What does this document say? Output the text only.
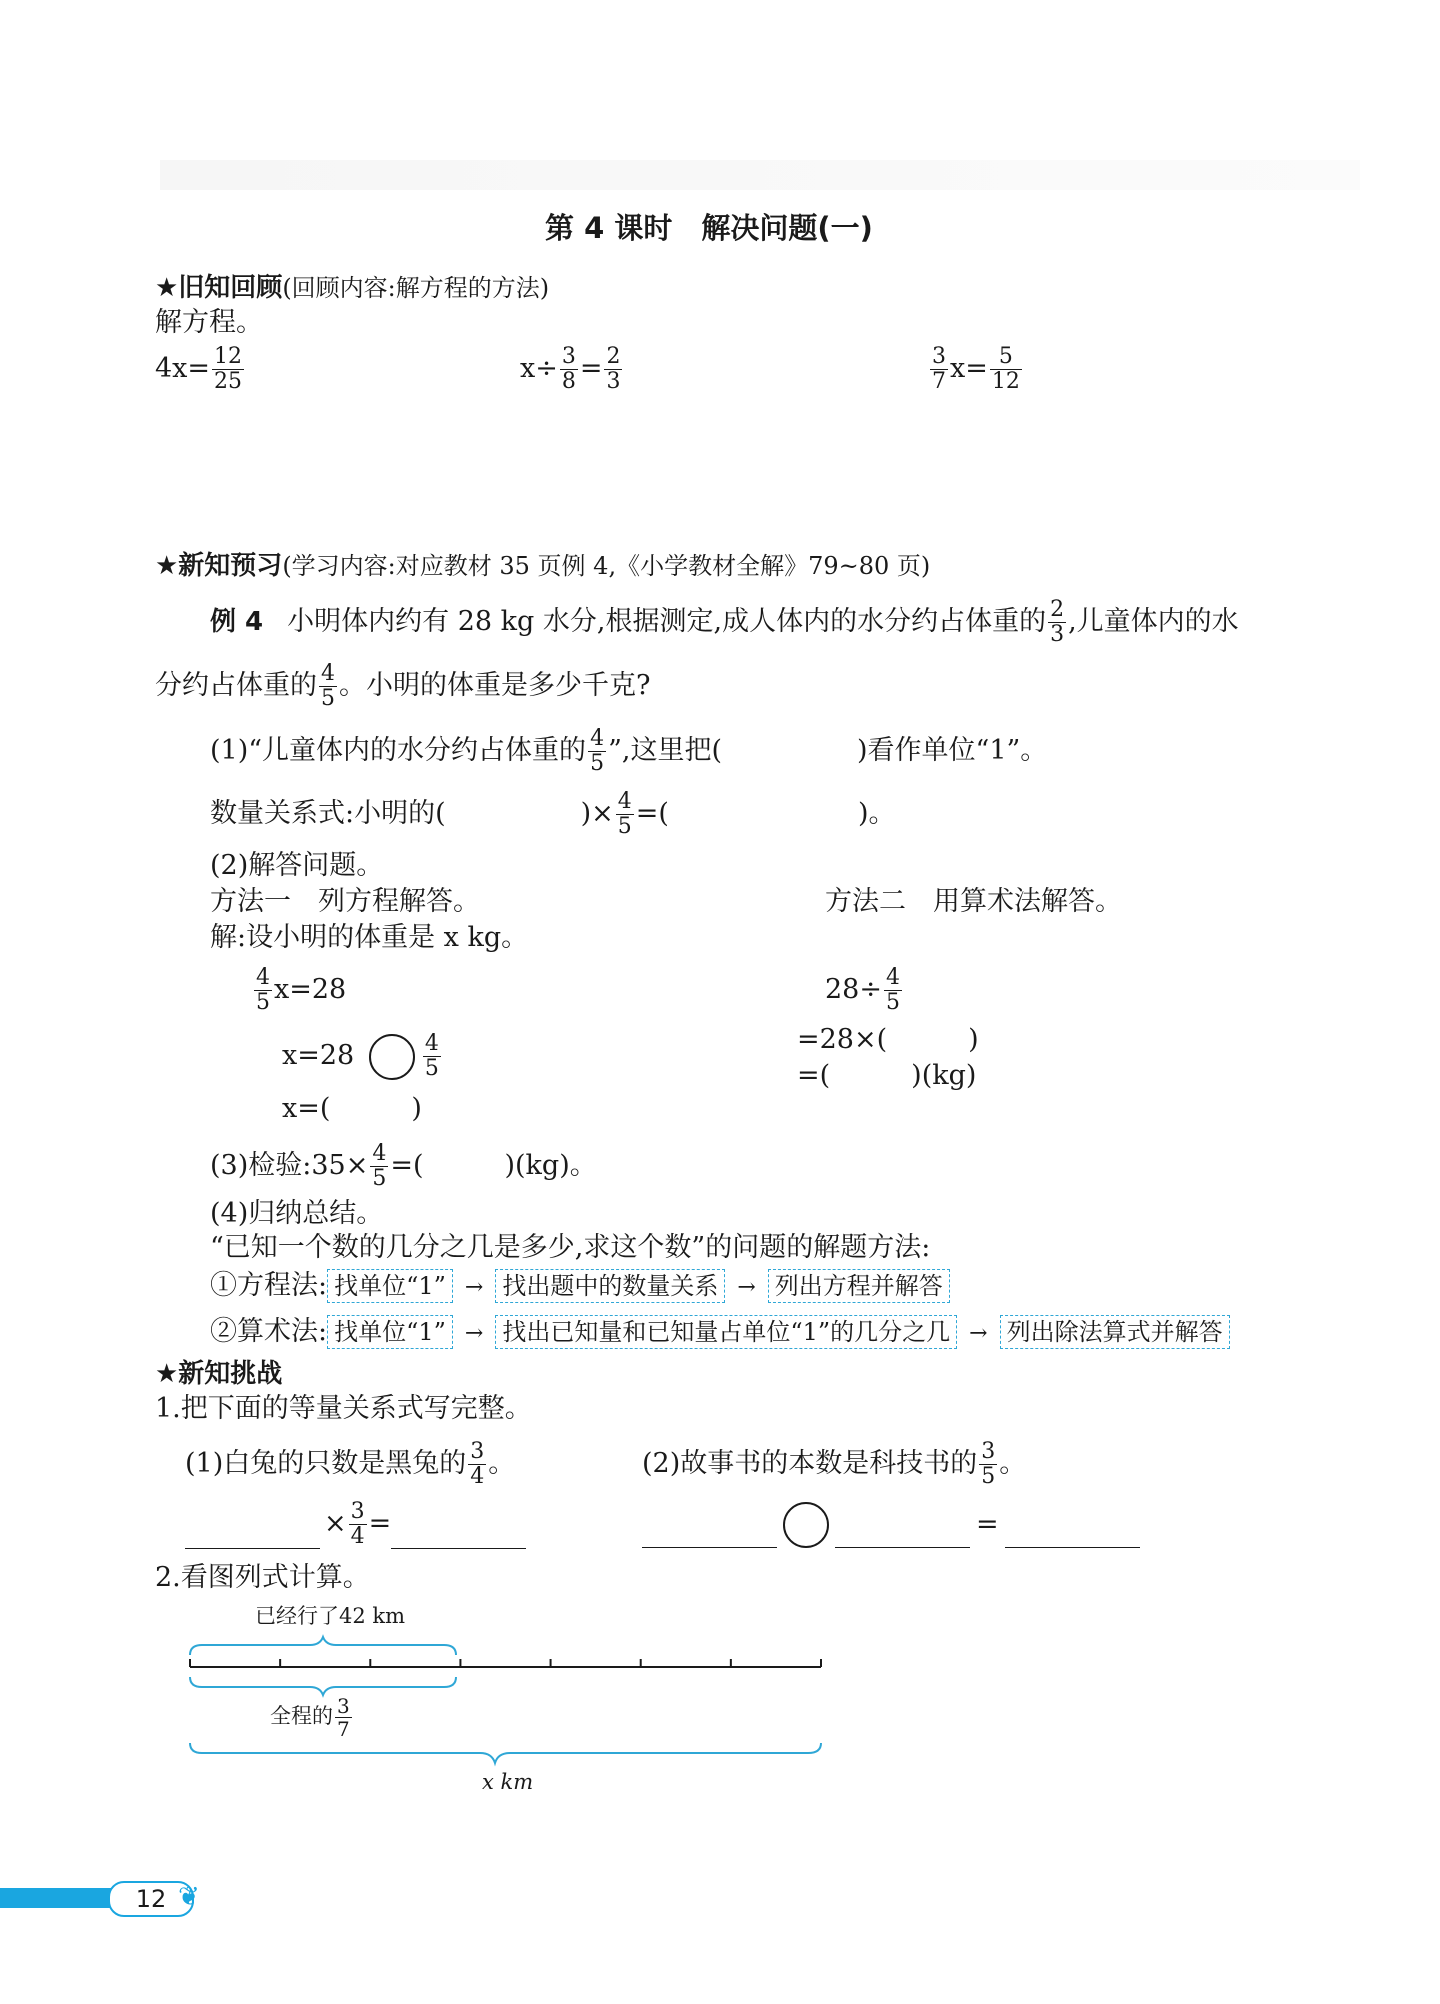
第 4 课时　解决问题(一)
★旧知回顾(回顾内容:解方程的方法)
解方程。
$4x= \frac{12}{25}$	$x\div \frac{3}{8} = \frac{2}{3}$	$\frac{3}{7} x= \frac{5}{12}$
★新知预习(学习内容:对应教材 35 页例 4,《小学教材全解》79~80 页)
例 4 小明体内约有 28 kg 水分,根据测定,成人体内的水分约占体重的 $\frac{2}{3}$ ,儿童体内的水
分约占体重的 $\frac{4}{5}$ 。小明的体重是多少千克?
(1)“儿童体内的水分约占体重的 $\frac{4}{5}$ ”,这里把(　　　　　)看作单位“1”。
数量关系式:小明的(　　　　　)× $\frac{4}{5}$ =(　　　　　　　)。
(2)解答问题。
方法一　列方程解答。	方法二　用算术法解答。
解:设小明的体重是 x kg。
$\frac{4}{5} x=28$
x=28	$\frac{4}{5}$
x=(　　　)
$28\div \frac{4}{5}$
=28×(　　　)
=(　　　)(kg)
(3)检验:35× $\frac{4}{5}$ =(　　　)(kg)。
(4)归纳总结。
“已知一个数的几分之几是多少,求这个数”的问题的解题方法:
①方程法: 找单位“1” → 找出题中的数量关系 → 列出方程并解答
②算术法: 找单位“1” → 找出已知量和已知量占单位“1”的几分之几 → 列出除法算式并解答
★新知挑战
1.把下面的等量关系式写完整。
(1)白兔的只数是黑兔的 $\frac{3}{4}$ 。	(2)故事书的本数是科技书的 $\frac{3}{5}$ 。
× $\frac{3}{4}$ =	=
2.看图列式计算。
已经行了42 km
全程的 $\frac{3}{7}$
x km
12 ❦
